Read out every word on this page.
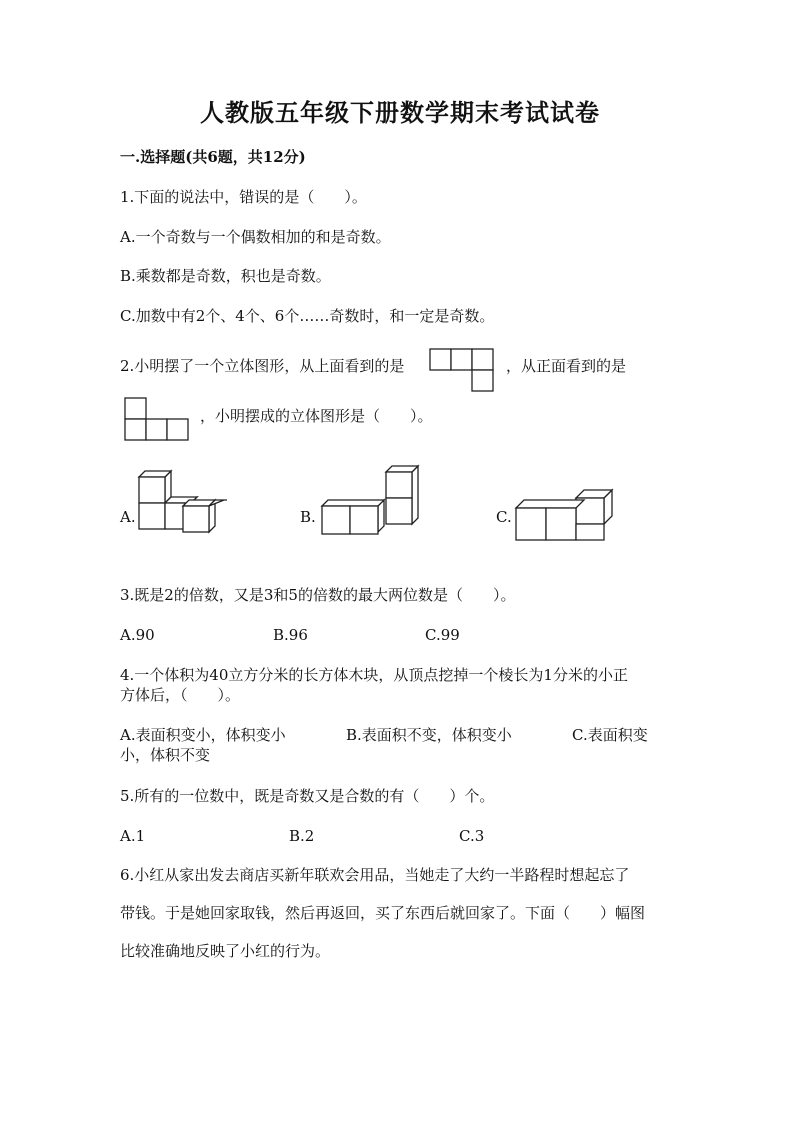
人教版五年级下册数学期末考试试卷
一.选择题(共6题，共12分)
1.下面的说法中，错误的是（　　）。
A.一个奇数与一个偶数相加的和是奇数。
B.乘数都是奇数，积也是奇数。
C.加数中有2个、4个、6个……奇数时，和一定是奇数。
2.小明摆了一个立体图形，从上面看到的是	，从正面看到的是
，小明摆成的立体图形是（　　）。
A.	B.	C.
3.既是2的倍数，又是3和5的倍数的最大两位数是（　　）。
A.90	B.96	C.99
4.一个体积为40立方分米的长方体木块，从顶点挖掉一个棱长为1分米的小正
方体后，（　　）。
A.表面积变小，体积变小	B.表面积不变，体积变小	C.表面积变
小，体积不变
5.所有的一位数中，既是奇数又是合数的有（　　）个。
A.1	B.2	C.3
6.小红从家出发去商店买新年联欢会用品，当她走了大约一半路程时想起忘了
带钱。于是她回家取钱，然后再返回，买了东西后就回家了。下面（　　）幅图
比较准确地反映了小红的行为。
